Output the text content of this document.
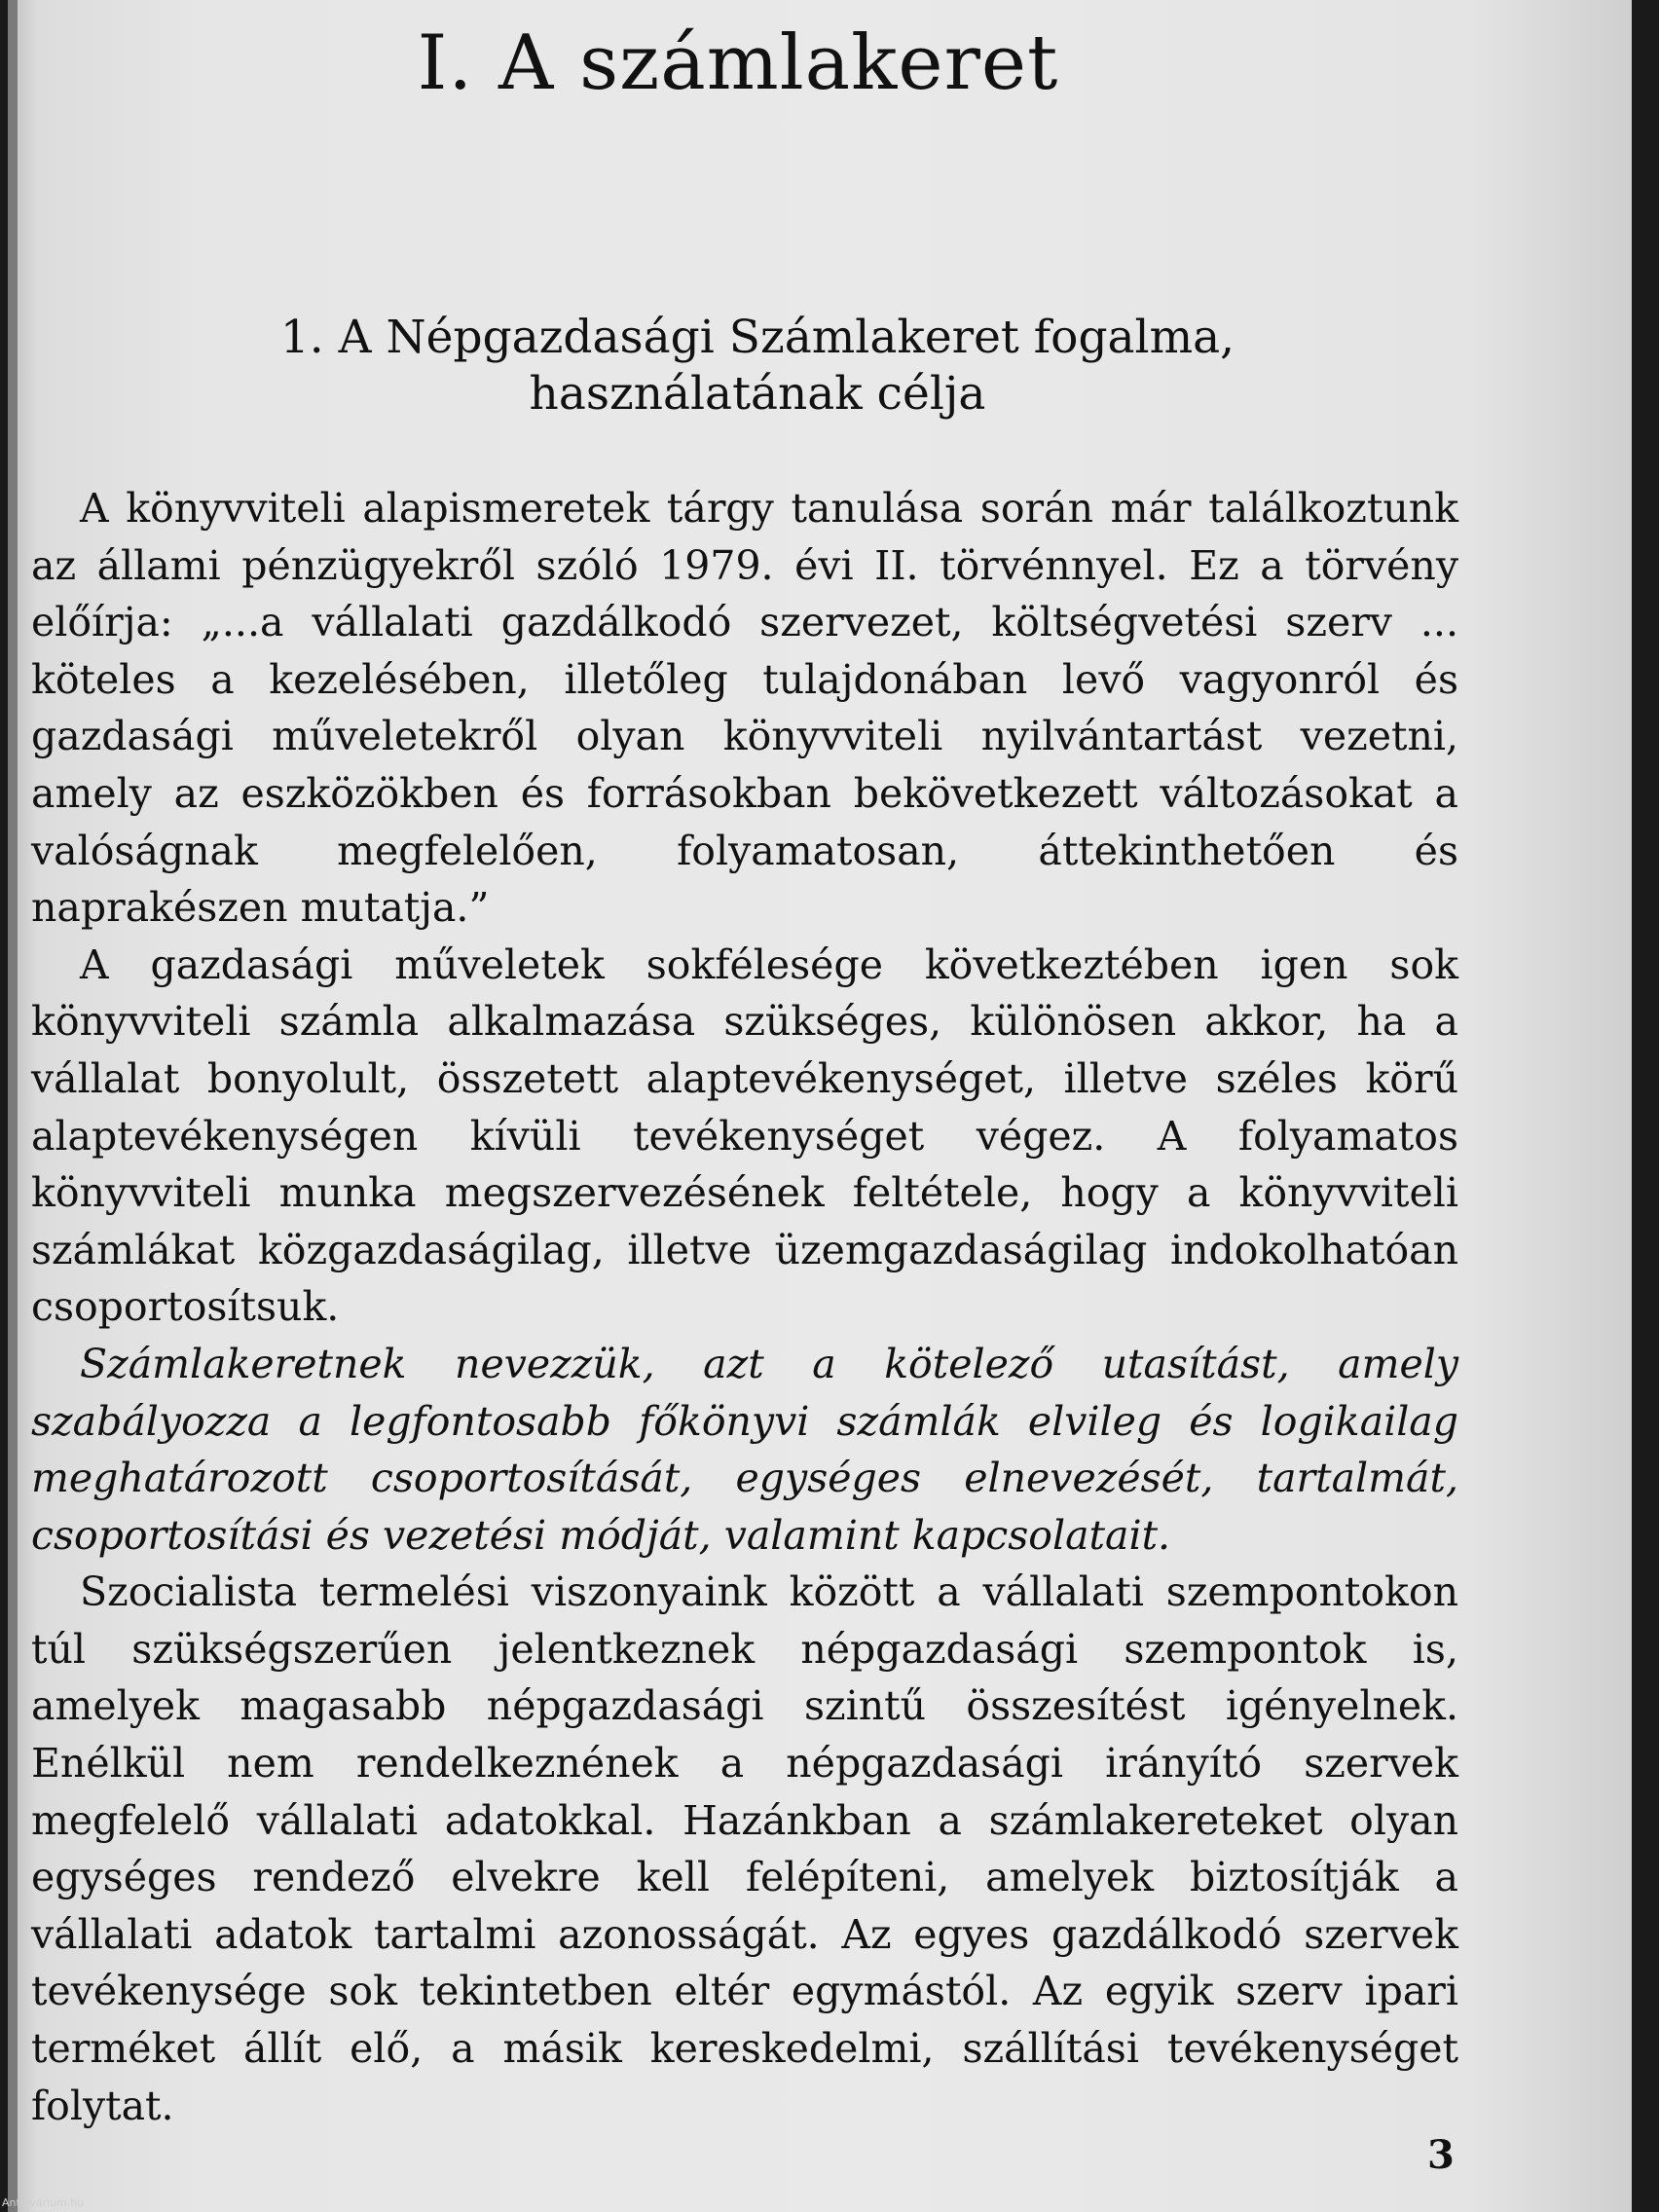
I. A számlakeret
1. A Népgazdasági Számlakeret fogalma,
használatának célja

A könyvviteli alapismeretek tárgy tanulása során már találkoztunk az állami pénzügyekről szóló 1979. évi II. törvénnyel. Ez a törvény előírja: „...a vállalati gazdálkodó szervezet, költségvetési szerv ... köteles a kezelésében, illetőleg tulajdonában levő vagyonról és gazdasági műveletekről olyan könyvviteli nyilvántartást vezetni, amely az eszközökben és forrásokban bekövetkezett változásokat a valóságnak megfelelően, folyamatosan, áttekinthetően és naprakészen mutatja.”

A gazdasági műveletek sokfélesége következtében igen sok könyvviteli számla alkalmazása szükséges, különösen akkor, ha a vállalat bonyolult, összetett alaptevékenységet, illetve széles körű alaptevékenységen kívüli tevékenységet végez. A folyamatos könyvviteli munka megszervezésének feltétele, hogy a könyvviteli számlákat közgazdaságilag, illetve üzemgazdaságilag indokolhatóan csoportosítsuk.

Számlakeretnek nevezzük, azt a kötelező utasítást, amely szabályozza a legfontosabb főkönyvi számlák elvileg és logikailag meghatározott csoportosítását, egységes elnevezését, tartalmát, csoportosítási és vezetési módját, valamint kapcsolatait.

Szocialista termelési viszonyaink között a vállalati szempontokon túl szükségszerűen jelentkeznek népgazdasági szempontok is, amelyek magasabb népgazdasági szintű összesítést igényelnek. Enélkül nem rendelkeznének a népgazdasági irányító szervek megfelelő vállalati adatokkal. Hazánkban a számlakereteket olyan egységes rendező elvekre kell felépíteni, amelyek biztosítják a vállalati adatok tartalmi azonosságát. Az egyes gazdálkodó szervek tevékenysége sok tekintetben eltér egymástól. Az egyik szerv ipari terméket állít elő, a másik kereskedelmi, szállítási tevékenységet folytat.

3
Antikvárium.hu
